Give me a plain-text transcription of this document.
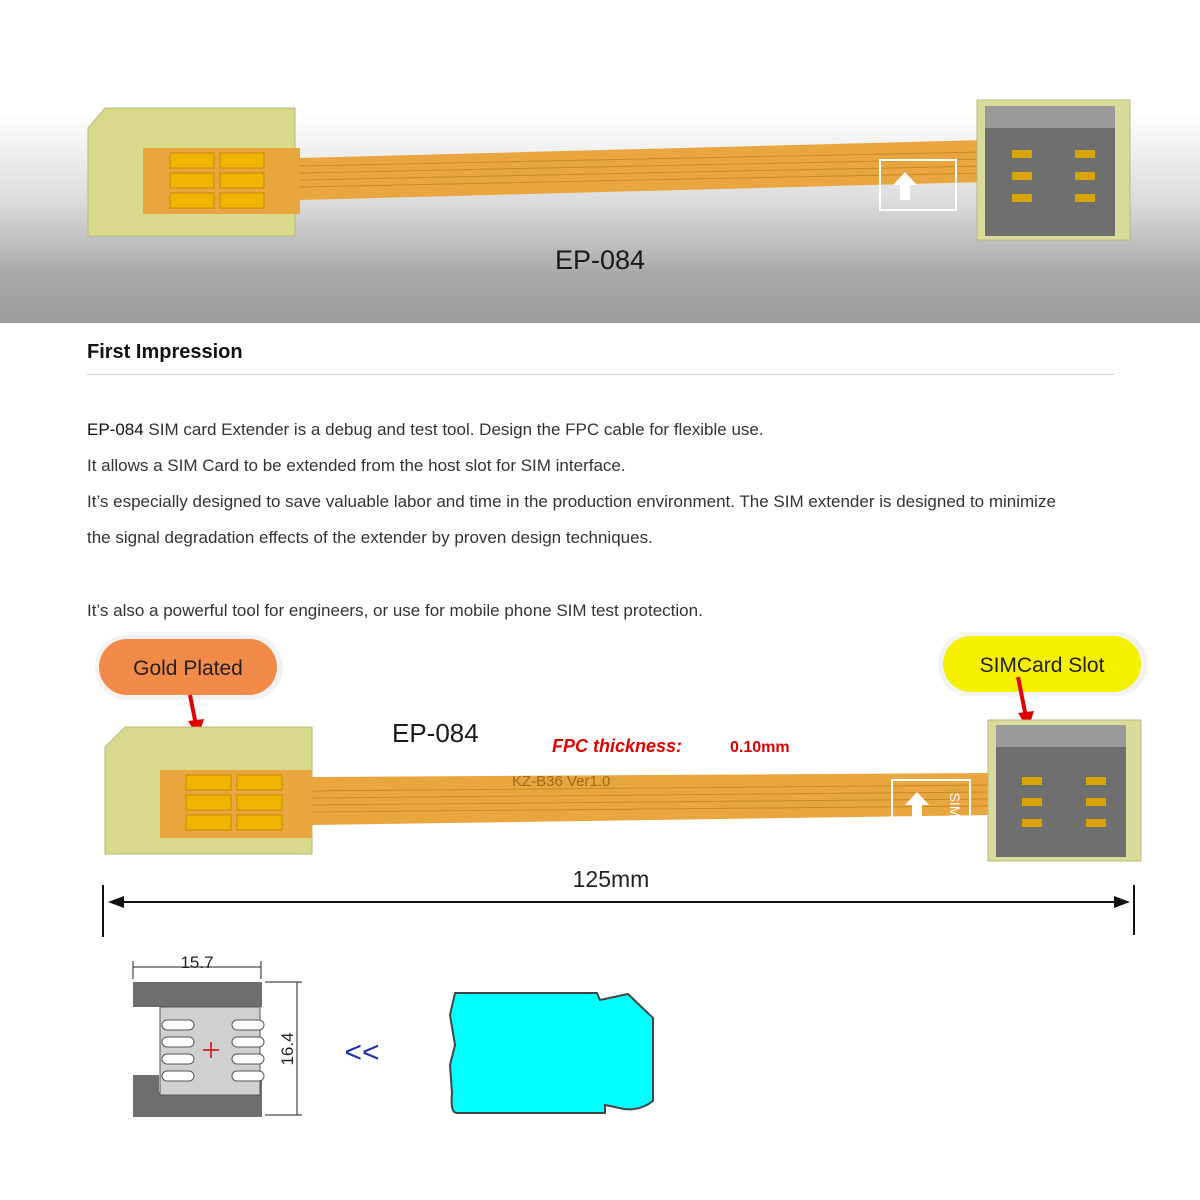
EP-084
First Impression
EP-084 SIM card Extender is a debug and test tool. Design the FPC cable for flexible use.
It allows a SIM Card to be extended from the host slot for SIM interface.
It’s especially designed to save valuable labor and time in the production environment. The SIM extender is designed to minimize
the signal degradation effects of the extender by proven design techniques.
It’s also a powerful tool for engineers, or use for mobile phone SIM test protection.
Gold Plated	SIMCard Slot
EP-084	FPC thickness:	0.10mm
KZ-B36 Ver1.0
SIM
125mm
15.7
16.4 <<
